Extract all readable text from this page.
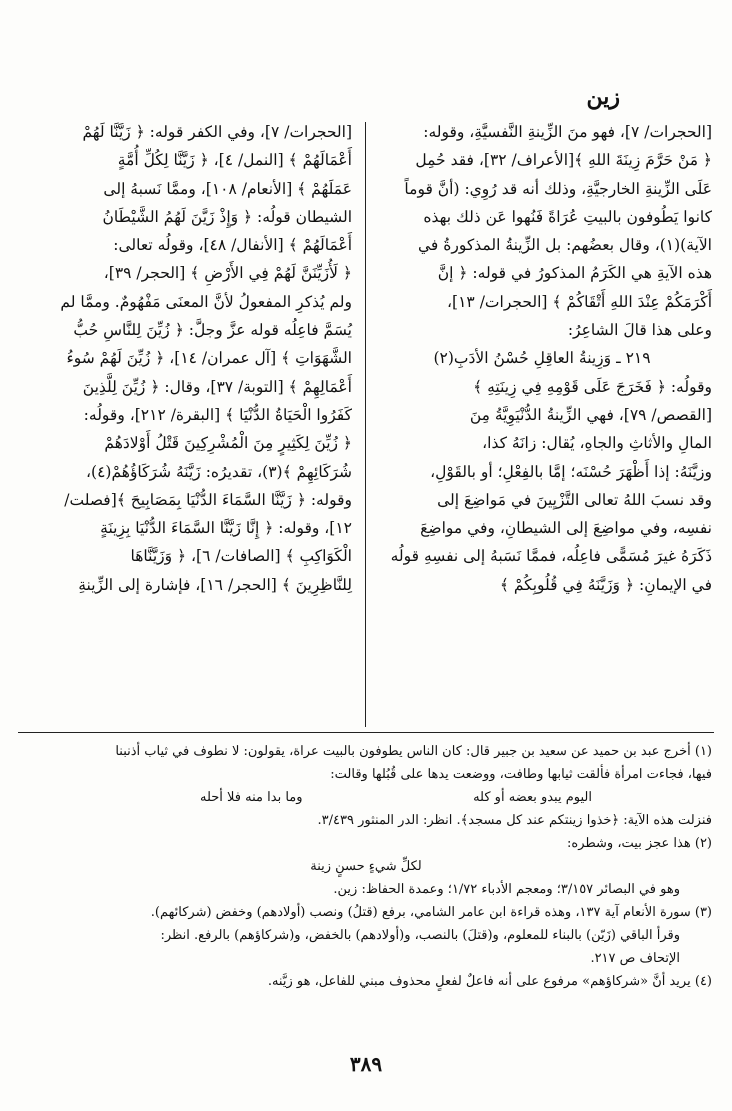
زين

[الحجرات/ ٧]، فهو منَ الزِّينةِ النَّفسيَّةِ، وقوله:

﴿ مَنْ حَرَّمَ زِينَةَ اللهِ ﴾[الأعراف/ ٣٢]، فقد حُمِل

عَلَى الزِّينةِ الخارجيَّةِ، وذلك أنه قد رُوِي: (أنَّ قوماً

كانوا يَطُوفون بالبيتِ عُرَاةً فَنُهوا عَن ذلك بهذه

الآية)(١)، وقال بعضُهم: بل الزِّينةُ المذكورةُ في

هذه الآيةِ هي الكَرَمُ المذكورُ في قوله: ﴿ إنَّ

أَكْرَمَكُمْ عِنْدَ اللهِ أَتْقَاكُمْ ﴾ [الحجرات/ ١٣]،

وعلى هذا قالَ الشاعِرُ:

٢١٩ ـ وَزِينةُ العاقِلِ حُسْنُ الأدَبِ(٢)

وقولُه: ﴿ فَخَرَجَ عَلَى قَوْمِهِ فِي زِينَتِهِ ﴾

[القصص/ ٧٩]، فهي الزِّينةُ الدُّنْيَوِيَّةُ مِنَ

المالِ والأثاثِ والجاهِ، يُقال: زانَهُ كذا،

وزيَّنَهُ: إذا أَظْهَرَ حُسْنَه؛ إمَّا بالفِعْلِ؛ أو بالقَوْلِ،

وقد نسبَ اللهُ تعالى التَّزْيِينَ في مَواضِعَ إلى

نفسِه، وفي مواضِعَ إلى الشيطانِ، وفي مواضِعَ

ذَكَرَهُ غيرَ مُسَمًّى فاعِلُه، فممَّا نَسَبهُ إلى نفسِهِ قولُه

في الإيمانِ: ﴿ وَزَيَّنَهُ فِي قُلُوبِكُمْ ﴾

[الحجرات/ ٧]، وفي الكفر قوله: ﴿ زَيَّنَّا لَهُمْ

أَعْمَالَهُمْ ﴾ [النمل/ ٤]، ﴿ زَيَّنَّا لِكُلِّ أُمَّةٍ

عَمَلَهُمْ ﴾ [الأنعام/ ١٠٨]، وممَّا نَسبهُ إلى

الشيطان قولُه: ﴿ وَإِذْ زَيَّنَ لَهُمُ الشَّيْطَانُ

أَعْمَالَهُمْ ﴾ [الأنفال/ ٤٨]، وقولُه تعالى:

﴿ لَأُزَيِّنَنَّ لَهُمْ فِي الأَرْضِ ﴾ [الحجر/ ٣٩]،

ولم يُذكرِ المفعولُ لأنَّ المعنَى مَفْهُومٌ. وممَّا لم

يُسَمَّ فاعِلُه قوله عزَّ وجلَّ: ﴿ زُيِّنَ لِلنَّاسِ حُبُّ

الشَّهَوَاتِ ﴾ [آل عمران/ ١٤]، ﴿ زُيِّنَ لَهُمْ سُوءُ

أَعْمَالِهِمْ ﴾ [التوبة/ ٣٧]، وقال: ﴿ زُيِّنَ لِلَّذِينَ

كَفَرُوا الْحَيَاةُ الدُّنْيَا ﴾ [البقرة/ ٢١٢]، وقولُه:

﴿ زُيِّنَ لِكَثِيرٍ مِنَ الْمُشْرِكِينَ قَتْلُ أَوْلادَهُمْ

شُرَكَائِهِمْ ﴾(٣)، تقديرُه: زَيَّنَهُ شُرَكَاؤُهُمْ(٤)،

وقوله: ﴿ زَيَّنَّا السَّمَاءَ الدُّنْيَا بِمَصَابِيحَ ﴾[فصلت/

١٢]، وقوله: ﴿ إِنَّا زَيَّنَّا السَّمَاءَ الدُّنْيَا بِزِينَةٍ

الْكَوَاكِبِ ﴾ [الصافات/ ٦]، ﴿ وَزَيَّنَّاهَا

لِلنَّاظِرِينَ ﴾ [الحجر/ ١٦]، فإشارة إلى الزِّينةِ

(١) أخرج عبد بن حميد عن سعيد بن جبير قال: كان الناس يطوفون بالبيت عراة، يقولون: لا نطوف في ثياب أذنبنا

فيها، فجاءت امرأة فألقت ثيابها وطافت، ووضعت يدها على قُبُلها وقالت:

اليوم يبدو بعضه أو كله
وما بدا منه فلا أحله

فنزلت هذه الآية: ﴿خذوا زينتكم عند كل مسجد﴾. انظر: الدر المنثور ٣/٤٣٩.

(٢) هذا عجز بيت، وشطره:

لكلِّ شيءٍ حسنٍ زينة

وهو في البصائر ٣/١٥٧؛ ومعجم الأدباء ١/٧٢؛ وعمدة الحفاظ: زين.

(٣) سورة الأنعام آية ١٣٧، وهذه قراءة ابن عامر الشامي، برفع (قتلُ) ونصب (أولادهم) وخفض (شركائهم).

وقرأ الباقي (زَيّن) بالبناء للمعلوم، و(قتلَ) بالنصب، و(أولادهم) بالخفض، و(شركاؤهم) بالرفع. انظر:

الإتحاف ص ٢١٧.

(٤) يريد أنَّ «شركاؤهم» مرفوع على أنه فاعلٌ لفعلٍ محذوف مبني للفاعل، هو زيَّنه.

٣٨٩
